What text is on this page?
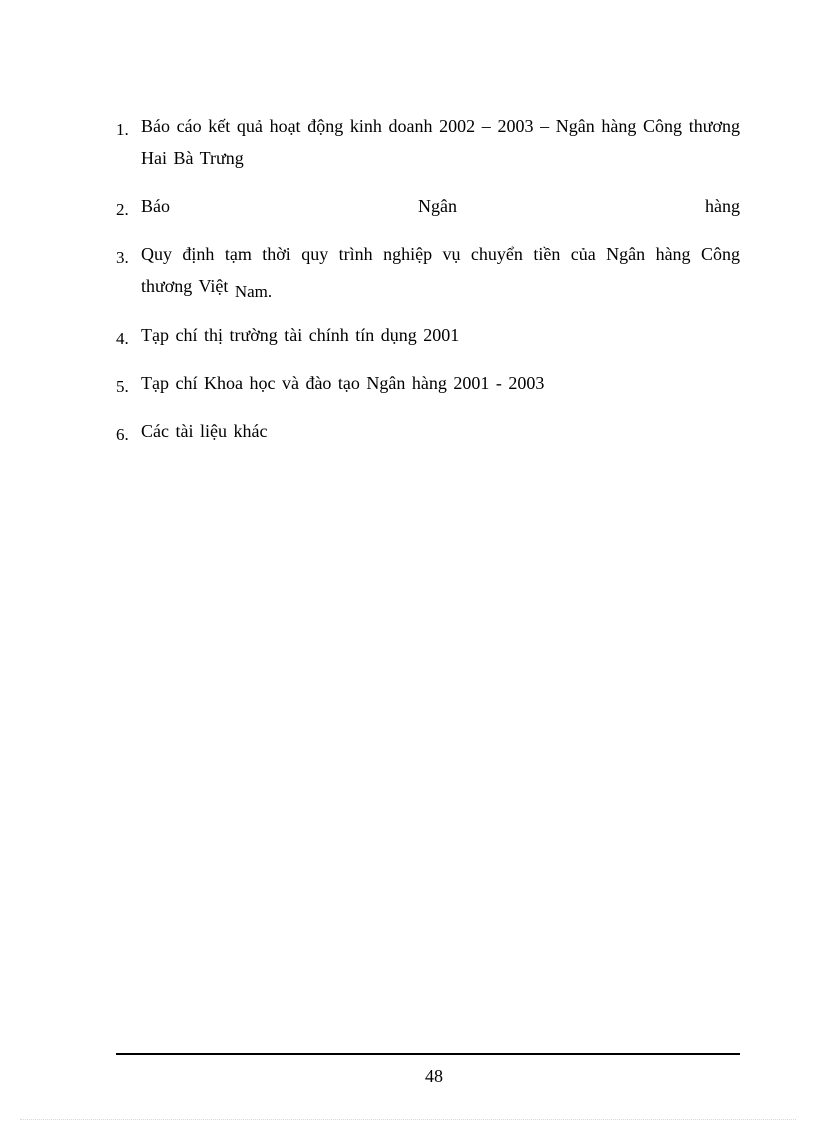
1. Báo cáo kết quả hoạt động kinh doanh 2002 – 2003 – Ngân hàng Công thương Hai Bà Trưng
2. Báo	Ngân	hàng
3. Quy định tạm thời quy trình nghiệp vụ chuyển tiền của Ngân hàng Công thương Việt Nam.
4. Tạp chí thị trường tài chính tín dụng 2001
5. Tạp chí Khoa học và đào tạo Ngân hàng 2001 - 2003
6. Các tài liệu khác
48
